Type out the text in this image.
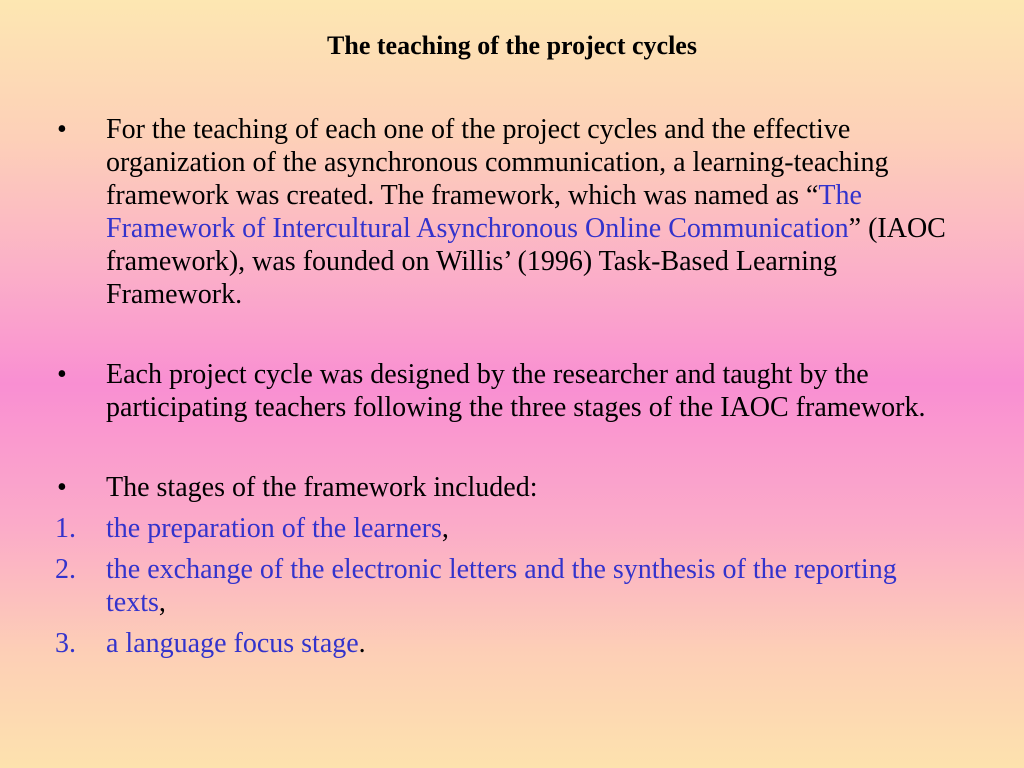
The teaching of the project cycles
• For the teaching of each one of the project cycles and the effective organization of the asynchronous communication, a learning-teaching framework was created. The framework, which was named as “The Framework of Intercultural Asynchronous Online Communication” (IAOC framework), was founded on Willis’ (1996) Task-Based Learning Framework.
• Each project cycle was designed by the researcher and taught by the participating teachers following the three stages of the IAOC framework.
• The stages of the framework included:
1. the preparation of the learners,
2. the exchange of the electronic letters and the synthesis of the reporting texts,
3. a language focus stage.
